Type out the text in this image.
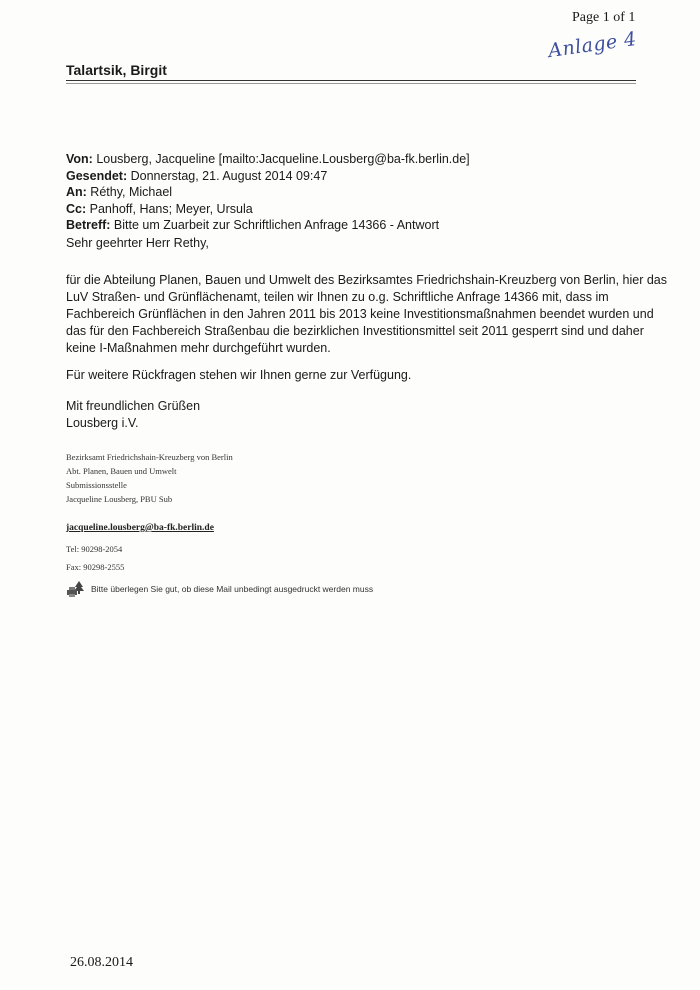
Page 1 of 1
Anlage 4
Talartsik, Birgit
Von: Lousberg, Jacqueline [mailto:Jacqueline.Lousberg@ba-fk.berlin.de]
Gesendet: Donnerstag, 21. August 2014 09:47
An: Réthy, Michael
Cc: Panhoff, Hans; Meyer, Ursula
Betreff: Bitte um Zuarbeit zur Schriftlichen Anfrage 14366 - Antwort
Sehr geehrter Herr Rethy,
für die Abteilung Planen, Bauen und Umwelt des Bezirksamtes Friedrichshain-Kreuzberg von Berlin, hier das
LuV Straßen- und Grünflächenamt, teilen wir Ihnen zu o.g. Schriftliche Anfrage 14366 mit, dass im
Fachbereich Grünflächen in den Jahren 2011 bis 2013 keine Investitionsmaßnahmen beendet wurden und
das für den Fachbereich Straßenbau die bezirklichen Investitionsmittel seit 2011 gesperrt sind und daher
keine I-Maßnahmen mehr durchgeführt wurden.
Für weitere Rückfragen stehen wir Ihnen gerne zur Verfügung.
Mit freundlichen Grüßen
Lousberg i.V.
Bezirksamt Friedrichshain-Kreuzberg von Berlin
Abt. Planen, Bauen und Umwelt
Submissionsstelle
Jacqueline Lousberg, PBU Sub
jacqueline.lousberg@ba-fk.berlin.de
Tel: 90298-2054
Fax: 90298-2555
Bitte überlegen Sie gut, ob diese Mail unbedingt ausgedruckt werden muss
26.08.2014
